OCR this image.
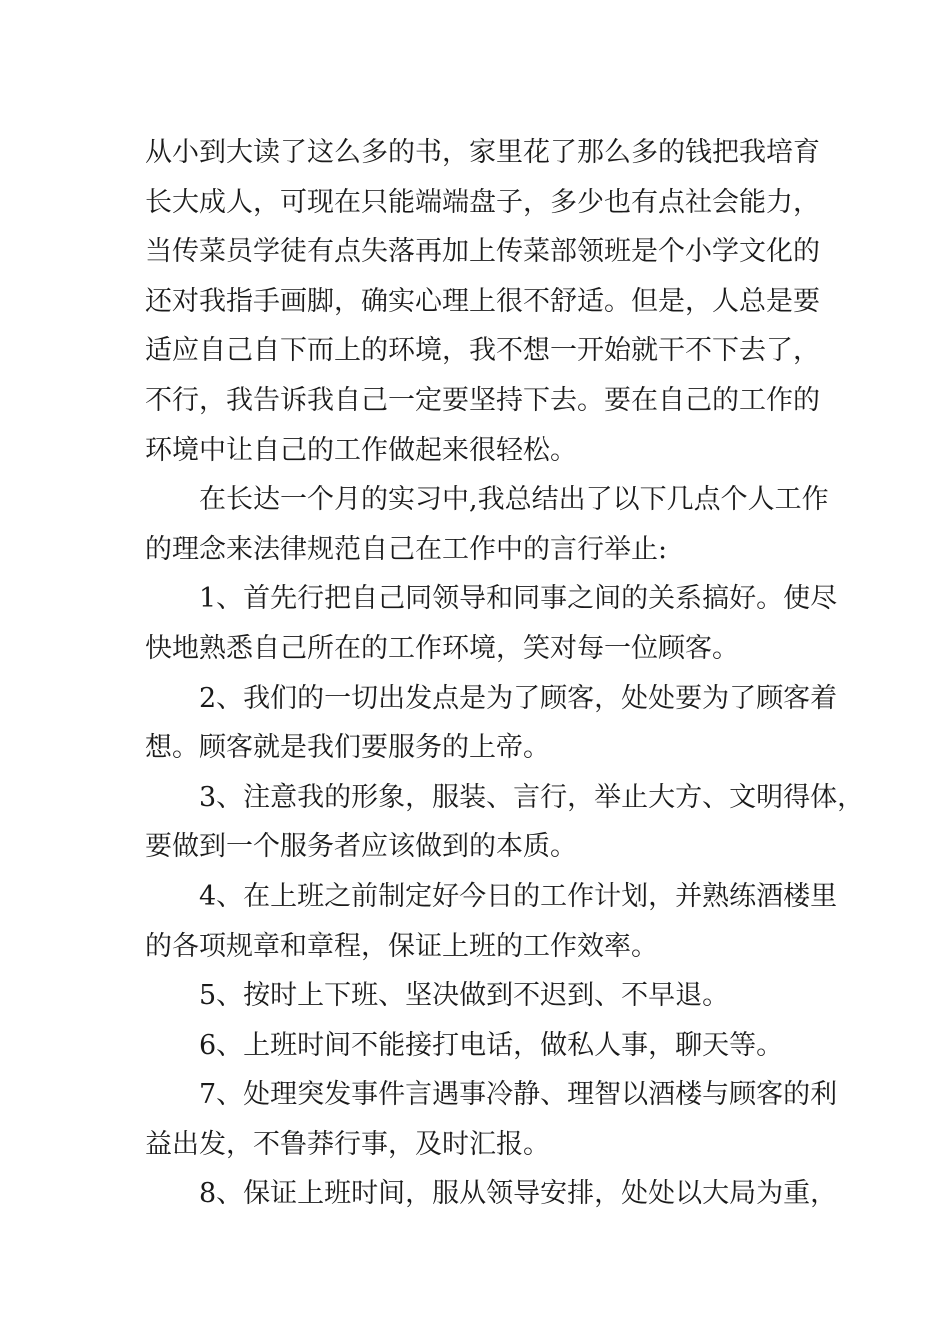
从小到大读了这么多的书，家里花了那么多的钱把我培育
长大成人，可现在只能端端盘子，多少也有点社会能力，
当传菜员学徒有点失落再加上传菜部领班是个小学文化的
还对我指手画脚，确实心理上很不舒适。但是，人总是要
适应自己自下而上的环境，我不想一开始就干不下去了，
不行，我告诉我自己一定要坚持下去。要在自己的工作的
环境中让自己的工作做起来很轻松。
在长达一个月的实习中,我总结出了以下几点个人工作
的理念来法律规范自己在工作中的言行举止:
1、首先行把自己同领导和同事之间的关系搞好。使尽
快地熟悉自己所在的工作环境，笑对每一位顾客。
2、我们的一切出发点是为了顾客，处处要为了顾客着
想。顾客就是我们要服务的上帝。
3、注意我的形象，服装、言行，举止大方、文明得体，
要做到一个服务者应该做到的本质。
4、在上班之前制定好今日的工作计划，并熟练酒楼里
的各项规章和章程，保证上班的工作效率。
5、按时上下班、坚决做到不迟到、不早退。
6、上班时间不能接打电话，做私人事，聊天等。
7、处理突发事件言遇事冷静、理智以酒楼与顾客的利
益出发，不鲁莽行事，及时汇报。
8、保证上班时间，服从领导安排，处处以大局为重，
